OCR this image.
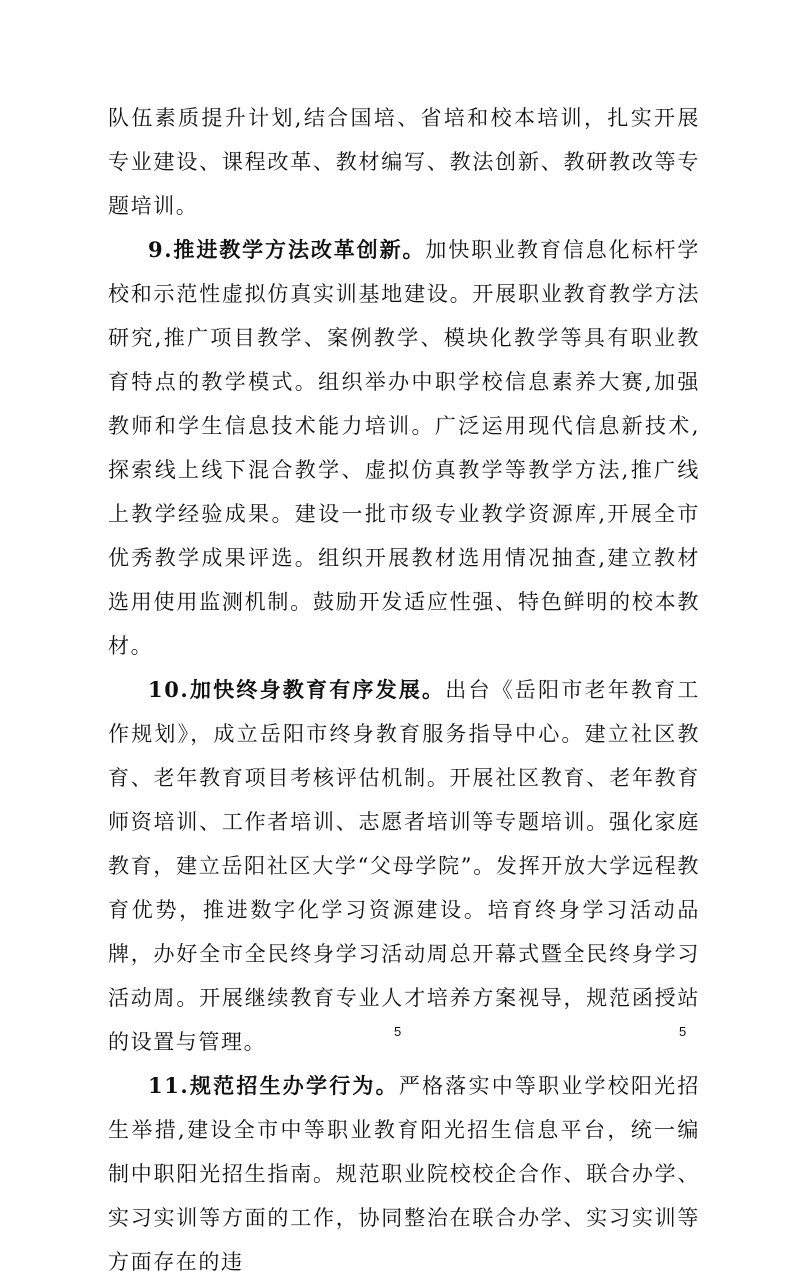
队伍素质提升计划,结合国培、省培和校本培训，扎实开展专业建设、课程改革、教材编写、教法创新、教研教改等专题培训。

9.推进教学方法改革创新。加快职业教育信息化标杆学校和示范性虚拟仿真实训基地建设。开展职业教育教学方法研究,推广项目教学、案例教学、模块化教学等具有职业教育特点的教学模式。组织举办中职学校信息素养大赛,加强教师和学生信息技术能力培训。广泛运用现代信息新技术,探索线上线下混合教学、虚拟仿真教学等教学方法,推广线上教学经验成果。建设一批市级专业教学资源库,开展全市优秀教学成果评选。组织开展教材选用情况抽查,建立教材选用使用监测机制。鼓励开发适应性强、特色鲜明的校本教材。

10.加快终身教育有序发展。出台《岳阳市老年教育工作规划》，成立岳阳市终身教育服务指导中心。建立社区教育、老年教育项目考核评估机制。开展社区教育、老年教育师资培训、工作者培训、志愿者培训等专题培训。强化家庭教育，建立岳阳社区大学“父母学院”。发挥开放大学远程教育优势，推进数字化学习资源建设。培育终身学习活动品牌，办好全市全民终身学习活动周总开幕式暨全民终身学习活动周。开展继续教育专业人才培养方案视导，规范函授站的设置与管理。

11.规范招生办学行为。严格落实中等职业学校阳光招生举措,建设全市中等职业教育阳光招生信息平台，统一编制中职阳光招生指南。规范职业院校校企合作、联合办学、实习实训等方面的工作，协同整治在联合办学、实习实训等方面存在的违

5	5
